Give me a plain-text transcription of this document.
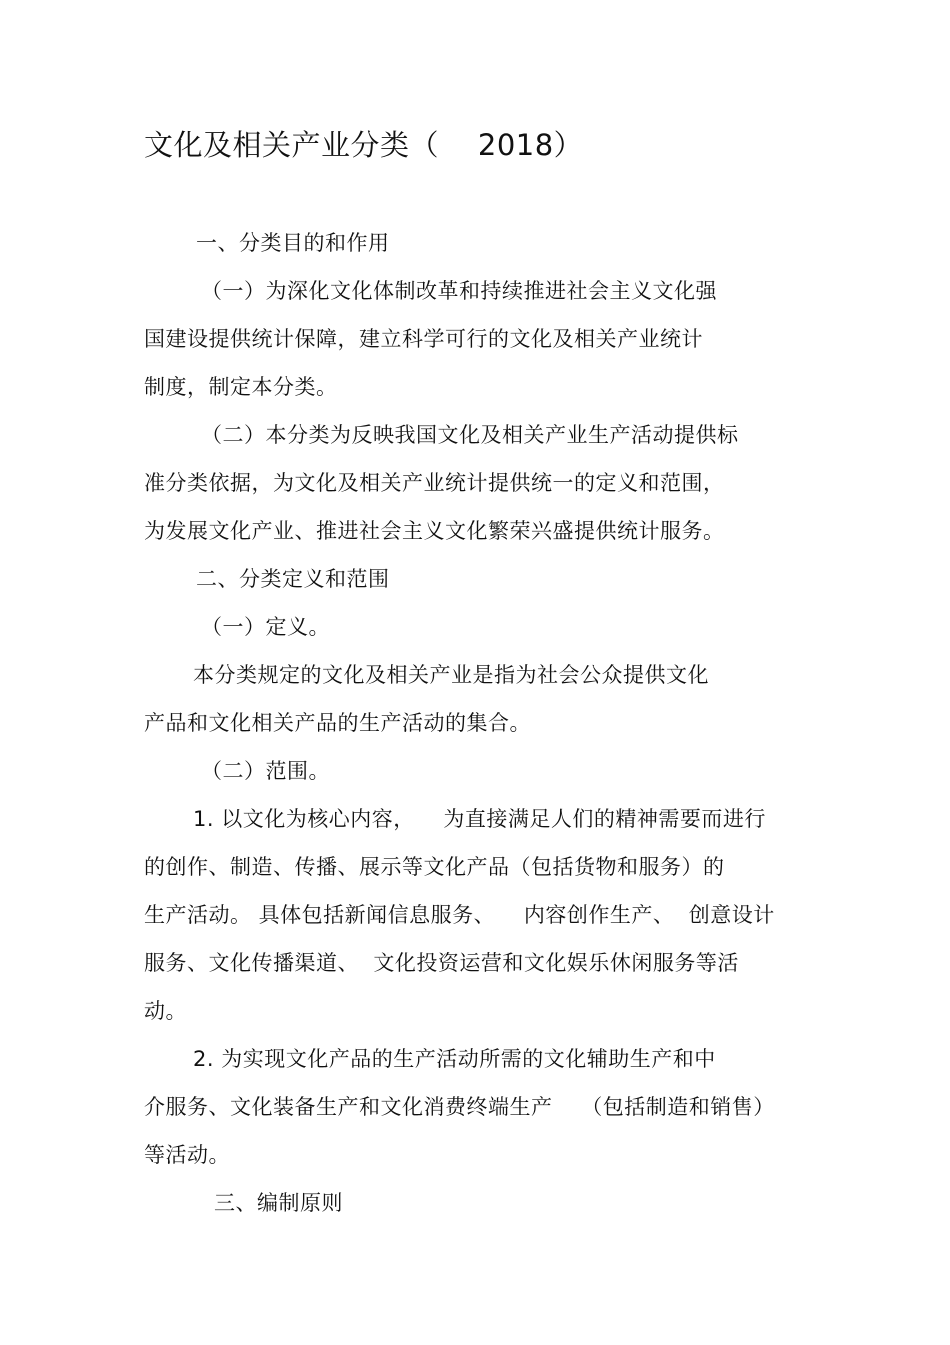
文化及相关产业分类（    2018）
一、分类目的和作用
（一）为深化文化体制改革和持续推进社会主义文化强
国建设提供统计保障，建立科学可行的文化及相关产业统计
制度，制定本分类。
（二）本分类为反映我国文化及相关产业生产活动提供标
准分类依据，为文化及相关产业统计提供统一的定义和范围，
为发展文化产业、推进社会主义文化繁荣兴盛提供统计服务。
二、分类定义和范围
（一）定义。
本分类规定的文化及相关产业是指为社会公众提供文化
产品和文化相关产品的生产活动的集合。
（二）范围。
1. 以文化为核心内容，    为直接满足人们的精神需要而进行
的创作、制造、传播、展示等文化产品（包括货物和服务）的
生产活动。 具体包括新闻信息服务、    内容创作生产、  创意设计
服务、文化传播渠道、  文化投资运营和文化娱乐休闲服务等活
动。
2. 为实现文化产品的生产活动所需的文化辅助生产和中
介服务、文化装备生产和文化消费终端生产    （包括制造和销售）
等活动。
三、编制原则
